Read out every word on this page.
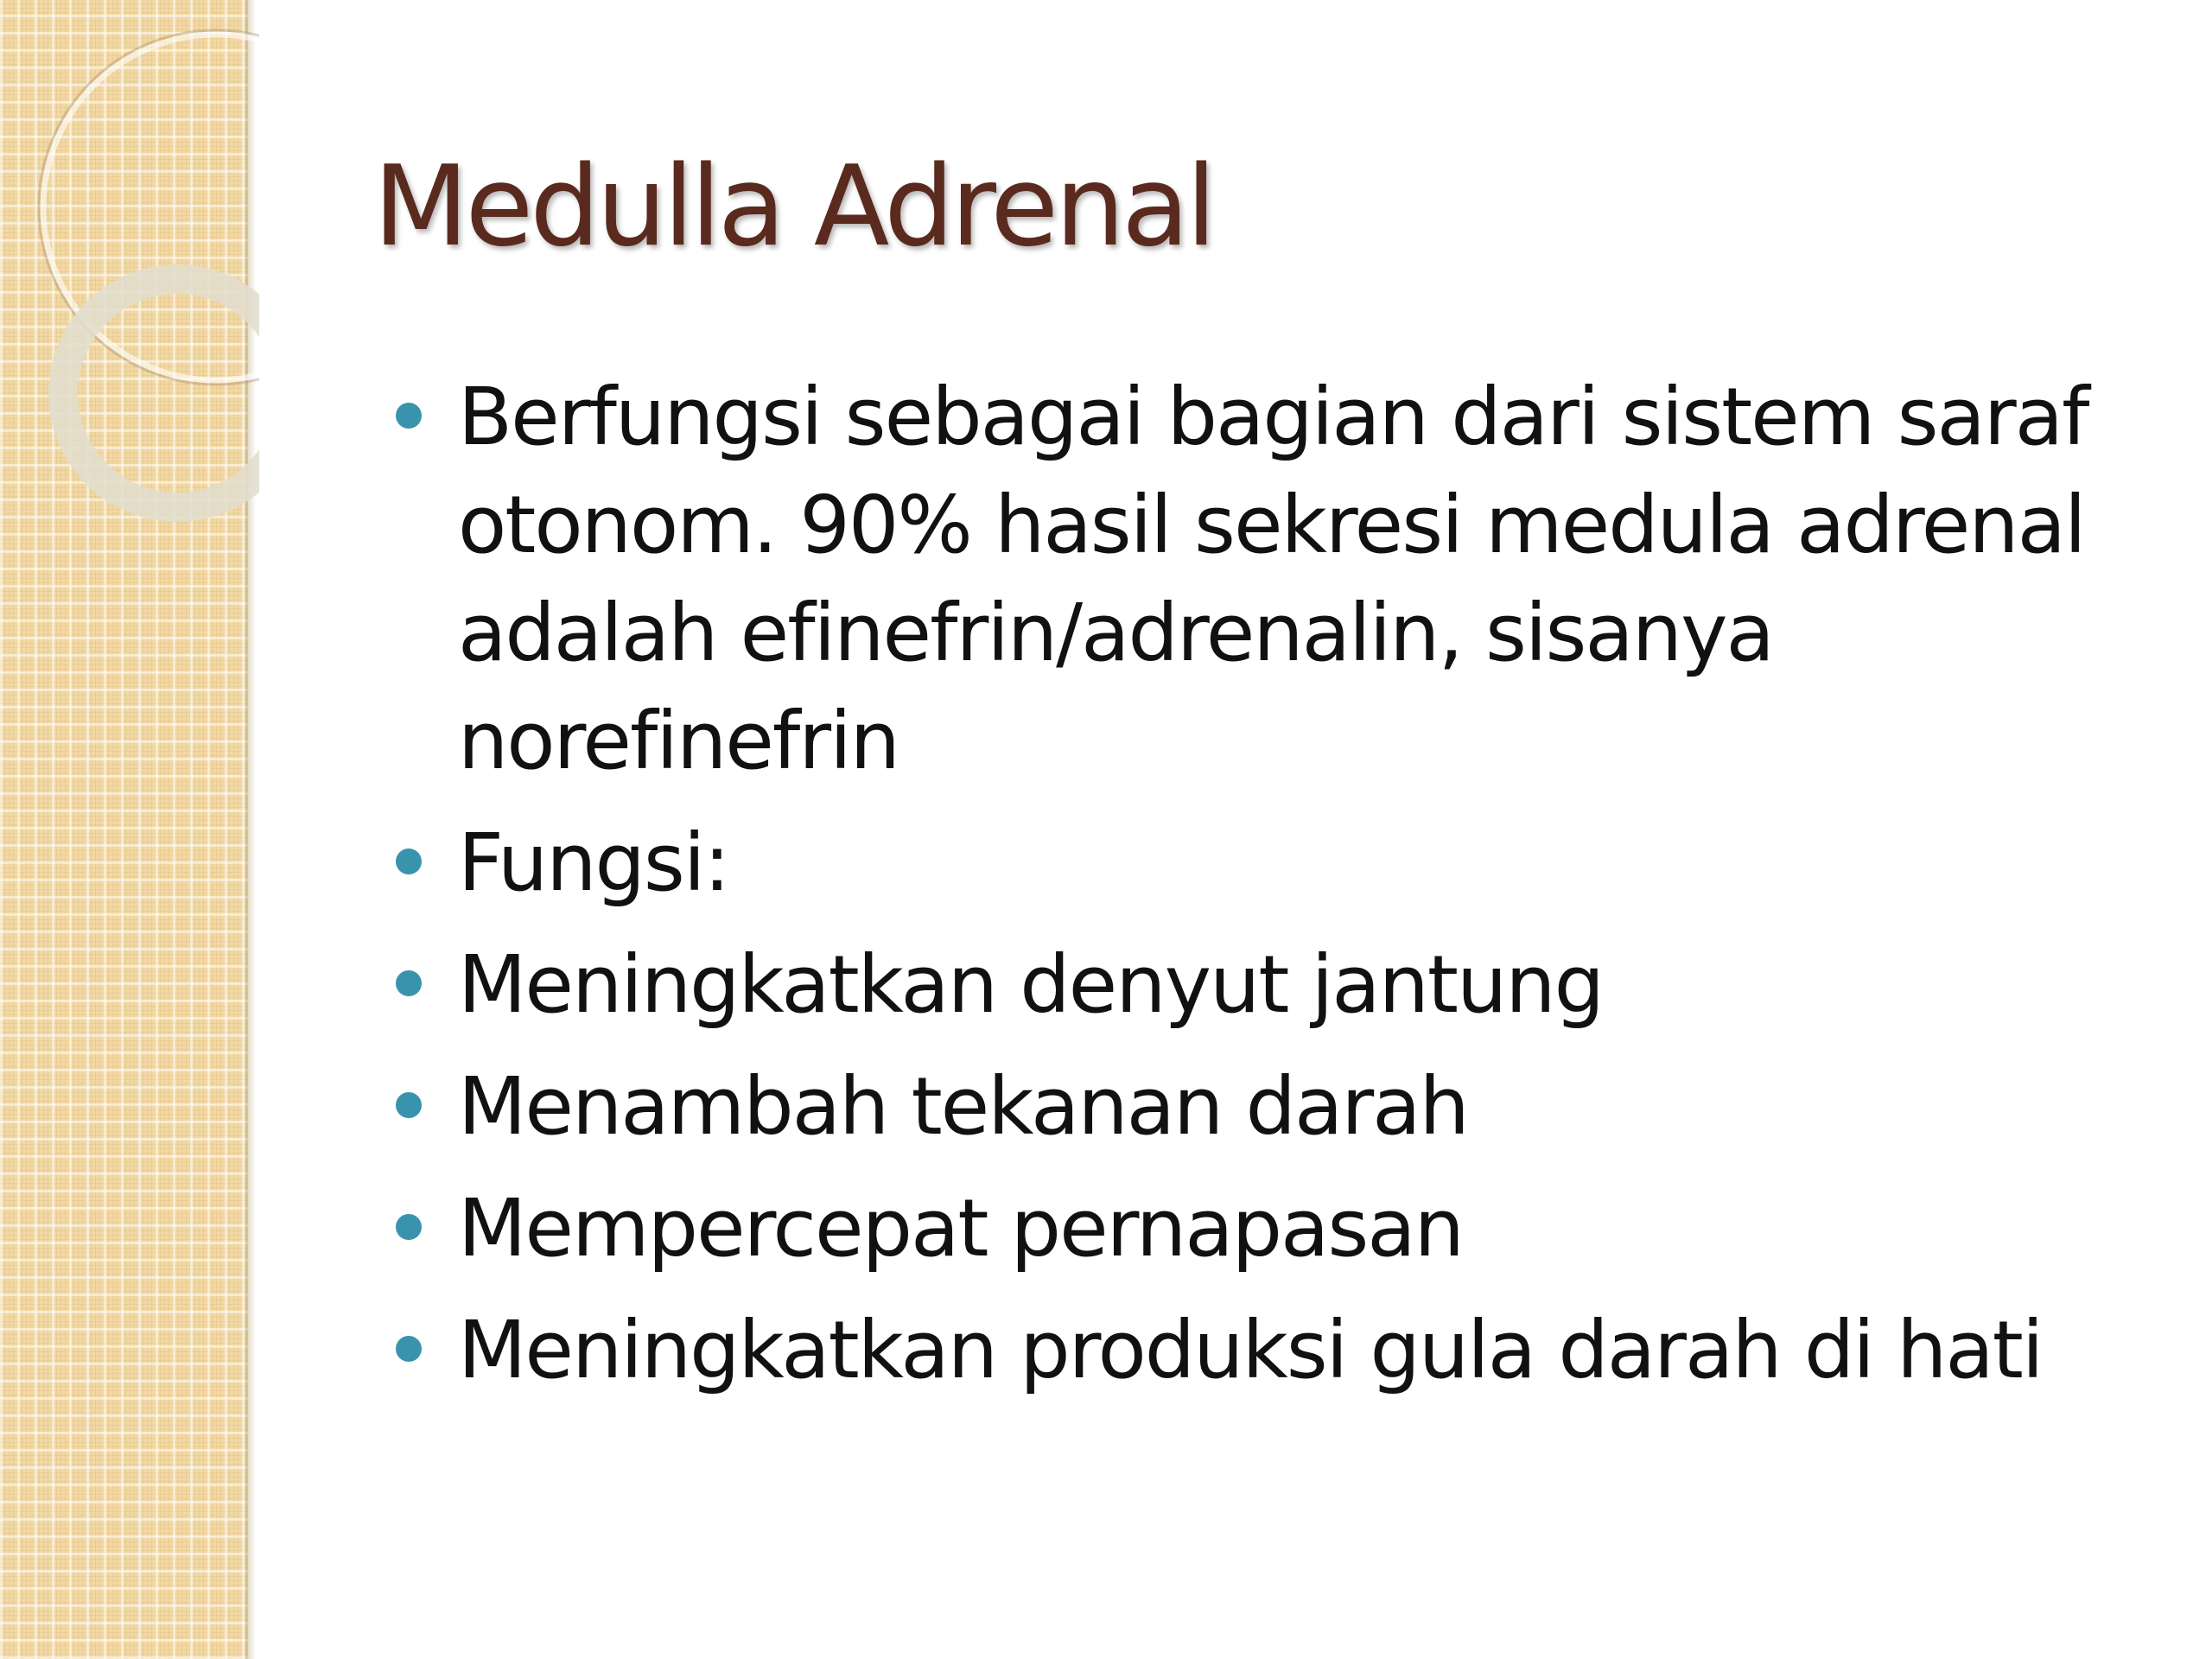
Medulla Adrenal
Berfungsi sebagai bagian dari sistem saraf otonom. 90% hasil sekresi medula adrenal adalah efinefrin/adrenalin, sisanya norefinefrin
Fungsi:
Meningkatkan denyut jantung
Menambah tekanan darah
Mempercepat pernapasan
Meningkatkan produksi gula darah di hati
